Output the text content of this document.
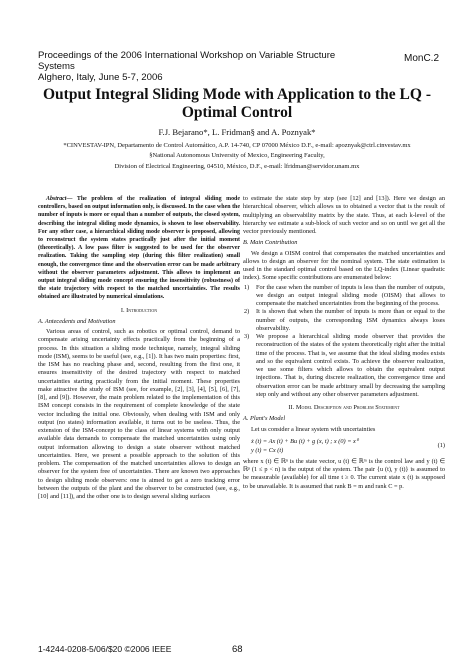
Proceedings of the 2006 International Workshop on Variable Structure Systems
Alghero, Italy, June 5-7, 2006
MonC.2
Output Integral Sliding Mode with Application to the LQ - Optimal Control
F.J. Bejarano*, L. Fridman§ and A. Poznyak*
*CINVESTAV-IPN, Departamento de Control Automático, A.P. 14-740, CP 07000 México D.F., e-mail: apoznyak@ctrl.cinvestav.mx
§National Autonomous University of Mexico, Engineering Faculty,
Division of Electrical Engineering, 04510, México, D.F., e-mail: lfridman@servidor.unam.mx

Abstract— The problem of the realization of integral sliding mode controllers, based on output information only, is discussed. In the case when the number of inputs is more or equal than a number of outputs, the closed system, describing the integral sliding mode dynamics, is shown to lose observability. For any other case, a hierarchical sliding mode observer is proposed, allowing to reconstruct the system states practically just after the initial moment (theoretically). A low pass filter is suggested to be used for the observer realization. Taking the sampling step (during this filter realization) small enough, the convergence time and the observation error can be made arbitrary without the observer parameters adjustment. This allows to implement an output integral sliding mode concept ensuring the insensitivity (robustness) of the state trajectory with respect to the matched uncertainties. The results obtained are illustrated by numerical simulations.

I. Introduction
A. Antecedents and Motivation

Various areas of control, such as robotics or optimal control, demand to compensate arising uncertainty effects practically from the beginning of a process. In this situation a sliding mode technique, namely, integral sliding mode (ISM), seems to be useful (see, e.g., [1]). It has two main properties: first, the ISM has no reaching phase and, second, resulting from the first one, it ensures insensitivity of the desired trajectory with respect to matched uncertainties starting practically from the initial moment. These properties make attractive the study of ISM (see, for example, [2], [3], [4], [5], [6], [7], [8], and [9]). However, the main problem related to the implementation of this ISM concept consists in the requirement of complete knowledge of the state vector including the initial one. Obviously, when dealing with ISM and only output (no states) information available, it turns out to be useless. Thus, the extension of the ISM-concept to the class of linear systems with only output available data demands to compensate the matched uncertainties using only output information allowing to design a state observer without matched uncertainties. Here, we present a possible approach to the solution of this problem. The compensation of the matched uncertainties allows to design an observer for the system free of uncertainties. There are known two approaches to design sliding mode observers: one is aimed to get a zero tracking error between the outputs of the plant and the observer to be constructed (see, e.g., [10] and [11]), and the other one is to design several sliding surfaces

to estimate the state step by step (see [12] and [13]). Here we design an hierarchical observer, which allows us to obtained a vector that is the result of multiplying an observability matrix by the state. Thus, at each k-level of the hierarchy we estimate a sub-block of such vector and so on until we get all the vector previously mentioned.

B. Main Contribution

We design a OISM control that compensates the matched uncertainties and allows to design an observer for the nominal system. The state estimation is used in the standard optimal control based on the LQ-index (Linear quadratic index). Some specific contributions are enumerated below:

1) For the case when the number of inputs is less than the number of outputs, we design an output integral sliding mode (OISM) that allows to compensate the matched uncertainties from the beginning of the process.
2) It is shown that when the number of inputs is more than or equal to the number of outputs, the corresponding ISM dynamics always loses observability.
3) We propose a hierarchical sliding mode observer that provides the reconstruction of the states of the system theoretically right after the initial time of the process. That is, we assume that the ideal sliding modes exists and so the equivalent control exists. To achieve the observer realization, we use some filters which allows to obtain the equivalent output injections. That is, during discrete realization, the convergence time and observation error can be made arbitrary small by decreasing the sampling step only and without any other observer parameters adjustment.
II. Model Description and Problem Statement
A. Plant's Model

Let us consider a linear system with uncertainties

ẋ (t) = Ax (t) + Bu (t) + g (x, t) ; x (0) = x⁰
y (t) = Cx (t)
(1)

where x (t) ∈ ℝⁿ is the state vector, u (t) ∈ ℝᵐ is the control law and y (t) ∈ ℝᵖ (1 ≤ p < n) is the output of the system. The pair {u (t), y (t)} is assumed to be measurable (available) for all time t ≥ 0. The current state x (t) is supposed to be unavailable. It is assumed that rank B = m and rank C = p.

1-4244-0208-5/06/$20 ©2006 IEEE	68
